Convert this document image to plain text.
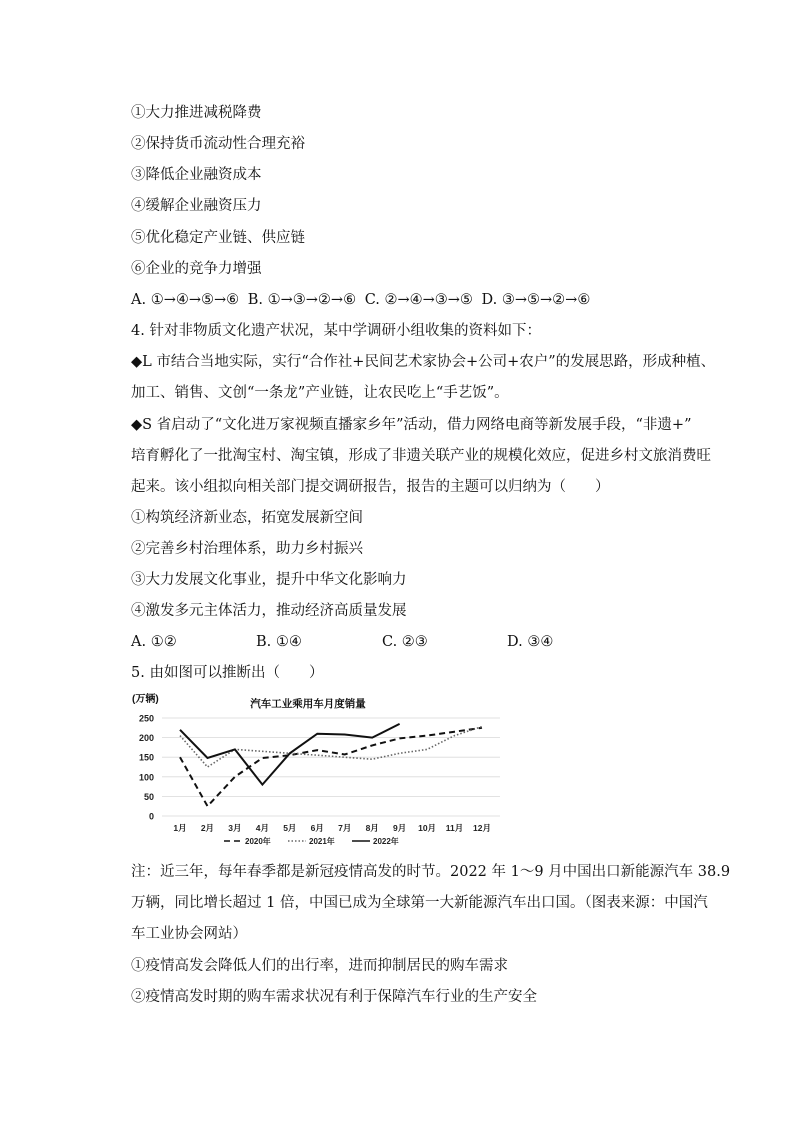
①大力推进减税降费
②保持货币流动性合理充裕
③降低企业融资成本
④缓解企业融资压力
⑤优化稳定产业链、供应链
⑥企业的竞争力增强
A. ①→④→⑤→⑥ B. ①→③→②→⑥ C. ②→④→③→⑤ D. ③→⑤→②→⑥
4. 针对非物质文化遗产状况，某中学调研小组收集的资料如下：
◆L 市结合当地实际，实行“合作社+民间艺术家协会+公司+农户”的发展思路，形成种植、
加工、销售、文创“一条龙”产业链，让农民吃上“手艺饭”。
◆S 省启动了“文化进万家视频直播家乡年”活动，借力网络电商等新发展手段，“非遗+”
培育孵化了一批淘宝村、淘宝镇，形成了非遗关联产业的规模化效应，促进乡村文旅消费旺
起来。该小组拟向相关部门提交调研报告，报告的主题可以归纳为（　　）
①构筑经济新业态，拓宽发展新空间
②完善乡村治理体系，助力乡村振兴
③大力发展文化事业，提升中华文化影响力
④激发多元主体活力，推动经济高质量发展
A. ①②	B. ①④	C. ②③	D. ③④
5. 由如图可以推断出（　　）
(万辆)	汽车工业乘用车月度销量
0
50
100
150
200
250
1月 2月 3月 4月 5月 6月 7月 8月 9月 10月 11月 12月
2020年	2021年	2022年
注：近三年，每年春季都是新冠疫情高发的时节。2022 年 1～9 月中国出口新能源汽车 38.9
万辆，同比增长超过 1 倍，中国已成为全球第一大新能源汽车出口国。（图表来源：中国汽
车工业协会网站）
①疫情高发会降低人们的出行率，进而抑制居民的购车需求
②疫情高发时期的购车需求状况有利于保障汽车行业的生产安全
